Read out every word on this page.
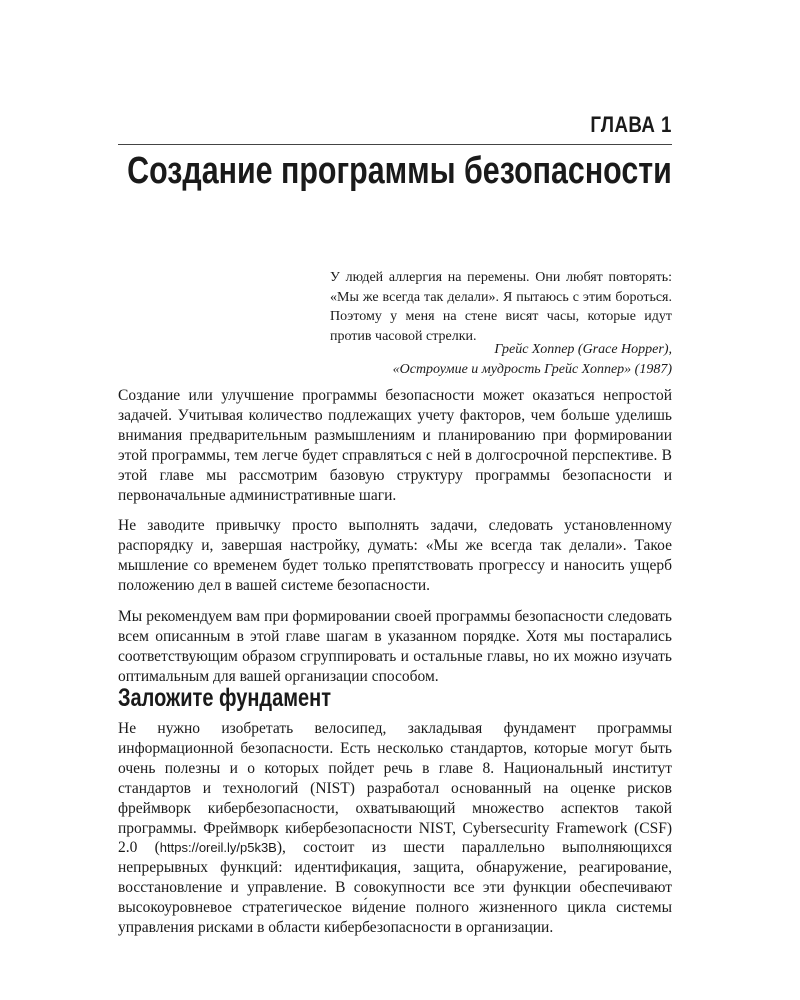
ГЛАВА 1
Создание программы безопасности

У людей аллергия на перемены. Они любят повторять: «Мы же всегда так делали». Я пытаюсь с этим бороться. Поэтому у меня на стене висят часы, которые идут против часовой стрелки.

Грейс Хоппер (Grace Hopper),
«Остроумие и мудрость Грейс Хоппер» (1987)

Создание или улучшение программы безопасности может оказаться непростой задачей. Учитывая количество подлежащих учету факторов, чем больше уделишь внимания предварительным размышлениям и планированию при формировании этой программы, тем легче будет справляться с ней в долгосрочной перспективе. В этой главе мы рассмотрим базовую структуру программы безопасности и первоначальные административные шаги.

Не заводите привычку просто выполнять задачи, следовать установленному распорядку и, завершая настройку, думать: «Мы же всегда так делали». Такое мышление со временем будет только препятствовать прогрессу и наносить ущерб положению дел в вашей системе безопасности.

Мы рекомендуем вам при формировании своей программы безопасности следовать всем описанным в этой главе шагам в указанном порядке. Хотя мы постарались соответствующим образом сгруппировать и остальные главы, но их можно изучать оптимальным для вашей организации способом.

Заложите фундамент

Не нужно изобретать велосипед, закладывая фундамент программы информационной безопасности. Есть несколько стандартов, которые могут быть очень полезны и о которых пойдет речь в главе 8. Национальный институт стандартов и технологий (NIST) разработал основанный на оценке рисков фреймворк кибербезопасности, охватывающий множество аспектов такой программы. Фреймворк кибербезопасности NIST, Cybersecurity Framework (CSF) 2.0 (https://oreil.ly/p5k3B), состоит из шести параллельно выполняющихся непрерывных функций: идентификация, защита, обнаружение, реагирование, восстановление и управление. В совокупности все эти функции обеспечивают высокоуровневое стратегическое ви́дение полного жизненного цикла системы управления рисками в области кибербезопасности в организации.
